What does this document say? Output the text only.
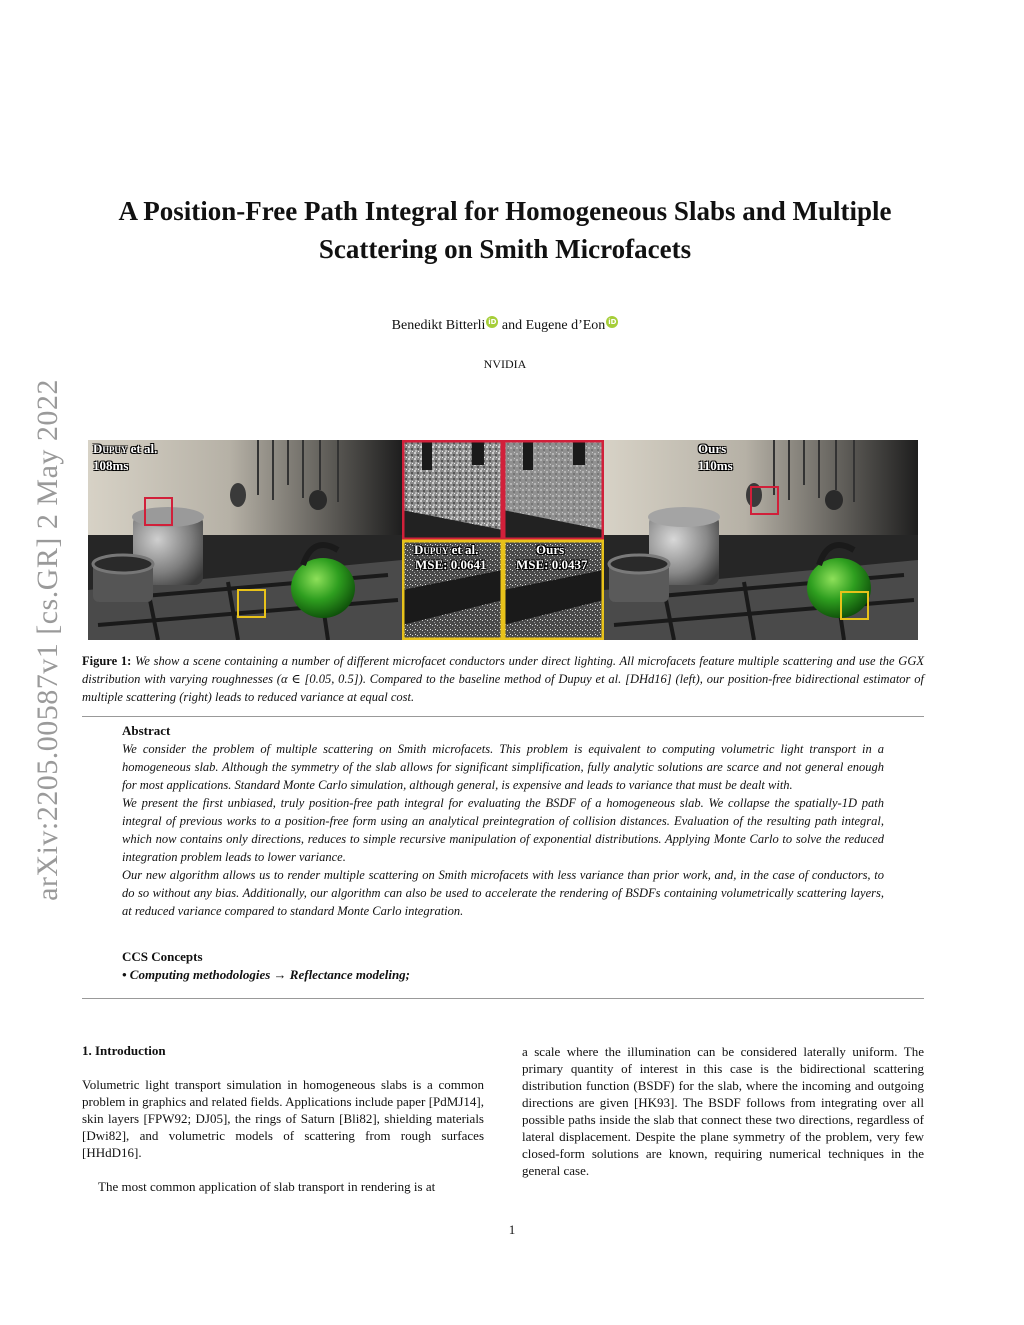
arXiv:2205.00587v1 [cs.GR] 2 May 2022
A Position-Free Path Integral for Homogeneous Slabs and Multiple Scattering on Smith Microfacets
Benedikt Bitterli iD and Eugene d’Eon iD
NVIDIA
Dupuy et al.
108ms
Dupuy et al.
MSE: 0.0641
Ours
MSE: 0.0437
Ours
110ms
Figure 1: We show a scene containing a number of different microfacet conductors under direct lighting. All microfacets feature multiple scattering and use the GGX distribution with varying roughnesses (α ∈ [0.05, 0.5]). Compared to the baseline method of Dupuy et al. [DHd16] (left), our position-free bidirectional estimator of multiple scattering (right) leads to reduced variance at equal cost.
Abstract
We consider the problem of multiple scattering on Smith microfacets. This problem is equivalent to computing volumetric light transport in a homogeneous slab. Although the symmetry of the slab allows for significant simplification, fully analytic solutions are scarce and not general enough for most applications. Standard Monte Carlo simulation, although general, is expensive and leads to variance that must be dealt with.
We present the first unbiased, truly position-free path integral for evaluating the BSDF of a homogeneous slab. We collapse the spatially-1D path integral of previous works to a position-free form using an analytical preintegration of collision distances. Evaluation of the resulting path integral, which now contains only directions, reduces to simple recursive manipulation of exponential distributions. Applying Monte Carlo to solve the reduced integration problem leads to lower variance.
Our new algorithm allows us to render multiple scattering on Smith microfacets with less variance than prior work, and, in the case of conductors, to do so without any bias. Additionally, our algorithm can also be used to accelerate the rendering of BSDFs containing volumetrically scattering layers, at reduced variance compared to standard Monte Carlo integration.
CCS Concepts
• Computing methodologies → Reflectance modeling;
1. Introduction
Volumetric light transport simulation in homogeneous slabs is a common problem in graphics and related fields. Applications include paper [PdMJ14], skin layers [FPW92; DJ05], the rings of Saturn [Bli82], shielding materials [Dwi82], and volumetric models of scattering from rough surfaces [HHdD16].
The most common application of slab transport in rendering is at
a scale where the illumination can be considered laterally uniform. The primary quantity of interest in this case is the bidirectional scattering distribution function (BSDF) for the slab, where the incoming and outgoing directions are given [HK93]. The BSDF follows from integrating over all possible paths inside the slab that connect these two directions, regardless of lateral displacement. Despite the plane symmetry of the problem, very few closed-form solutions are known, requiring numerical techniques in the general case.
1
